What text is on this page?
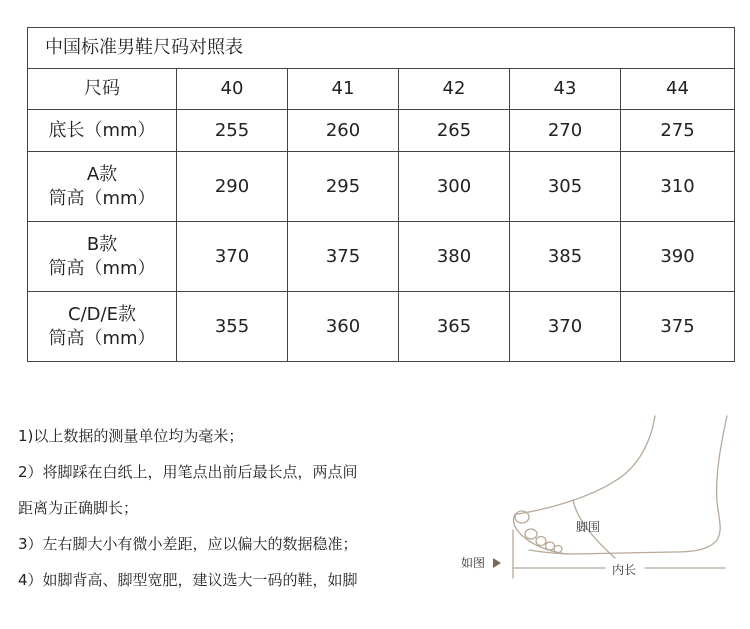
中国标准男鞋尺码对照表					
尺码	40	41	42	43	44

底长（mm）	255	260	265	270	275

A款
筒高（mm）	290	295	300	305	310

B款
筒高（mm）	370	375	380	385	390

C/D/E款
筒高（mm）	355	360	365	370	375
1)以上数据的测量单位均为毫米；
2）将脚踩在白纸上，用笔点出前后最长点，两点间
距离为正确脚长；
3）左右脚大小有微小差距，应以偏大的数据稳准；
4）如脚背高、脚型宽肥，建议选大一码的鞋，如脚
如图
脚围
内长
